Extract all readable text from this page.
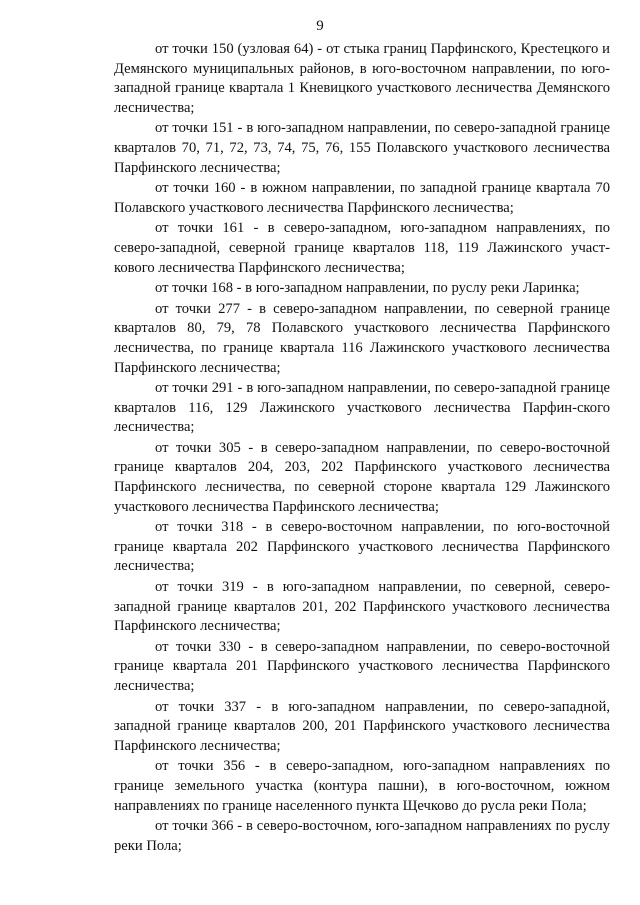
9

от точки 150 (узловая 64) - от стыка границ Парфинского, Крестецкого и Демянского муниципальных районов, в юго-восточном направлении, по юго-западной границе квартала 1 Кневицкого участкового лесничества Демянского лесничества;

от точки 151 - в юго-западном направлении, по северо-западной границе кварталов 70, 71, 72, 73, 74, 75, 76, 155 Полавского участкового лесничества Парфинского лесничества;

от точки 160 - в южном направлении, по западной границе квартала 70 Полавского участкового лесничества Парфинского лесничества;

от точки 161 - в северо-западном, юго-западном направлениях, по северо-западной, северной границе кварталов 118, 119 Лажинского участ-кового лесничества Парфинского лесничества;

от точки 168 - в юго-западном направлении, по руслу реки Ларинка;

от точки 277 - в северо-западном направлении, по северной границе кварталов 80, 79, 78 Полавского участкового лесничества Парфинского лесничества, по границе квартала 116 Лажинского участкового лесничества Парфинского лесничества;

от точки 291 - в юго-западном направлении, по северо-западной границе кварталов 116, 129 Лажинского участкового лесничества Парфин-ского лесничества;

от точки 305 - в северо-западном направлении, по северо-восточной границе кварталов 204, 203, 202 Парфинского участкового лесничества Парфинского лесничества, по северной стороне квартала 129 Лажинского участкового лесничества Парфинского лесничества;

от точки 318 - в северо-восточном направлении, по юго-восточной границе квартала 202 Парфинского участкового лесничества Парфинского лесничества;

от точки 319 - в юго-западном направлении, по северной, северо-западной границе кварталов 201, 202 Парфинского участкового лесничества Парфинского лесничества;

от точки 330 - в северо-западном направлении, по северо-восточной границе квартала 201 Парфинского участкового лесничества Парфинского лесничества;

от точки 337 - в юго-западном направлении, по северо-западной, западной границе кварталов 200, 201 Парфинского участкового лесничества Парфинского лесничества;

от точки 356 - в северо-западном, юго-западном направлениях по границе земельного участка (контура пашни), в юго-восточном, южном направлениях по границе населенного пункта Щечково до русла реки Пола;

от точки 366 - в северо-восточном, юго-западном направлениях по руслу реки Пола;
